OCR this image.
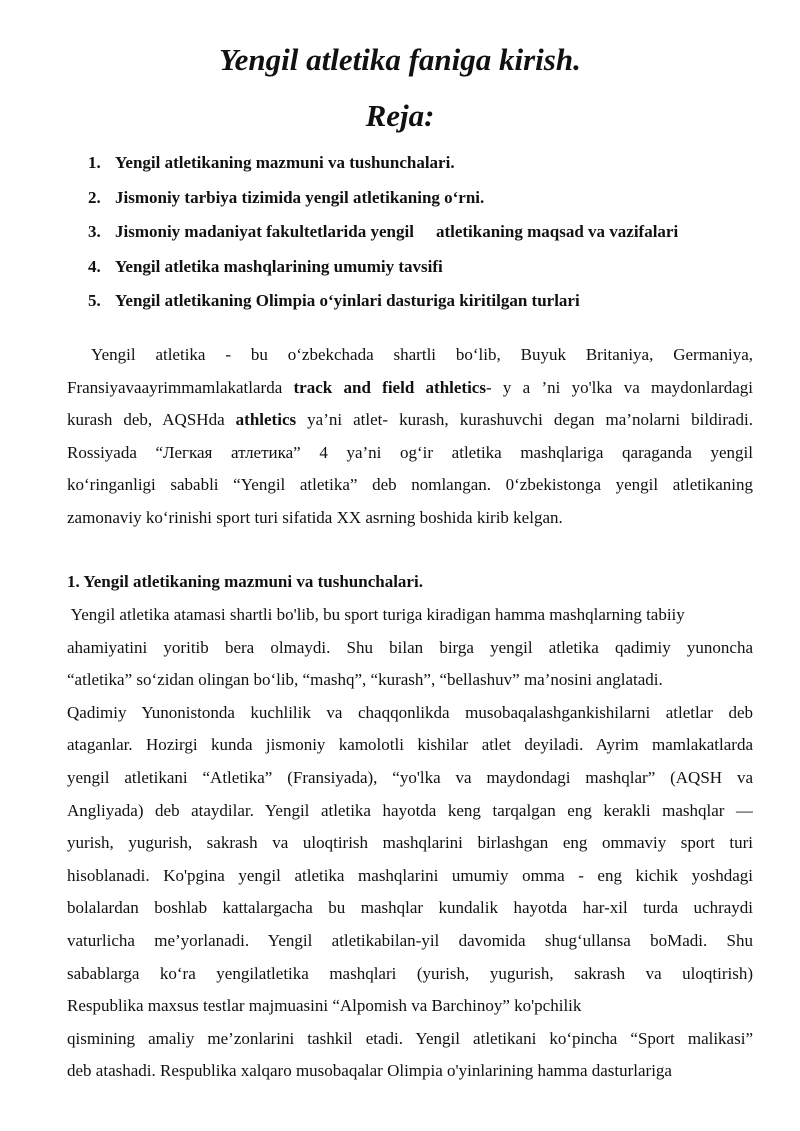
Yengil atletika faniga kirish.
Reja:
1. Yengil atletikaning mazmuni va tushunchalari.
2. Jismoniy tarbiya tizimida yengil atletikaning o‘rni.
3. Jismoniy madaniyat fakultetlarida yengil atletikaning maqsad va vazifalari
4. Yengil atletika mashqlarining umumiy tavsifi
5. Yengil atletikaning Olimpia o‘yinlari dasturiga kiritilgan turlari
Yengil atletika - bu o‘zbekchada shartli bo‘lib, Buyuk Britaniya, Germaniya,
Fransiyavaayrimmamlakatlarda track and field athletics- y a ’ni yo'lka va maydonlardagi
kurash deb, AQSHda athletics ya’ni atlet- kurash, kurashuvchi degan ma’nolarni bildiradi.
Rossiyada “Легкая атлетика” 4 ya’ni og‘ir atletika mashqlariga qaraganda yengil
ko‘ringanligi sababli “Yengil atletika” deb nomlangan. 0‘zbekistonga yengil atletikaning
zamonaviy ko‘rinishi sport turi sifatida XX asrning boshida kirib kelgan.
1. Yengil atletikaning mazmuni va tushunchalari.
Yengil atletika atamasi shartli bo'lib, bu sport turiga kiradigan hamma mashqlarning tabiiy
ahamiyatini yoritib bera olmaydi. Shu bilan birga yengil atletika qadimiy yunoncha
“atletika” so‘zidan olingan bo‘lib, “mashq”, “kurash”, “bellashuv” ma’nosini anglatadi.
Qadimiy Yunonistonda kuchlilik va chaqqonlikda musobaqalashgankishilarni atletlar deb
ataganlar. Hozirgi kunda jismoniy kamolotli kishilar atlet deyiladi. Ayrim mamlakatlarda
yengil atletikani “Atletika” (Fransiyada), “yo'lka va maydondagi mashqlar” (AQSH va
Angliyada) deb ataydilar. Yengil atletika hayotda keng tarqalgan eng kerakli mashqlar —
yurish, yugurish, sakrash va uloqtirish mashqlarini birlashgan eng ommaviy sport turi
hisoblanadi. Ko'pgina yengil atletika mashqlarini umumiy omma - eng kichik yoshdagi
bolalardan boshlab kattalargacha bu mashqlar kundalik hayotda har-xil turda uchraydi
vaturlicha me’yorlanadi. Yengil atletikabilan-yil davomida shug‘ullansa boMadi. Shu
sabablarga ko‘ra yengilatletika mashqlari (yurish, yugurish, sakrash va uloqtirish)
Respublika maxsus testlar majmuasini “Alpomish va Barchinoy” ko'pchilik
qismining amaliy me’zonlarini tashkil etadi. Yengil atletikani ko‘pincha “Sport malikasi”
deb atashadi. Respublika xalqaro musobaqalar Olimpia o'yinlarining hamma dasturlariga
